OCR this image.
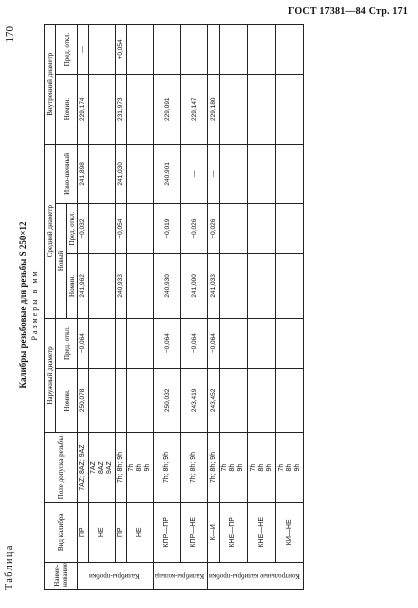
ГОСТ 17381—84 Стр. 171
Таблица
170
Калибры резьбовые для резьбы S 250×12 Размеры в мм
Наиме-нование	Вид калибра	Поле допуска резьбы	Наружный диаметр		Средний диаметр			Внутренний диаметр	
			Номин.	Пред. откл.	Новый		Изно-шенный	Номин.	Пред. откл.
					Номин.	Пред. откл.			
Калибры-пробки	ПР	7AZ; 8AZ; 9AZ	250,078	−0,064	241,962	−0,032	241,898	229,174	—
	НЕ	7AZ
8AZ
9AZ							
	ПР	7h; 8h; 9h			240,933	−0,054	241,030	231,973	+0,054
	НЕ	7h
8h
9h							
Калибры-кольца	КПР—ПР	7h; 8h; 9h	250,032	−0,064	240,930	−0,019	240,901	229,091	
	КПР—НЕ	7h; 8h; 9h	243,419	−0,064	241,000	−0,026	—	229,147	
Контрольные калибры-пробки	К—И	7h; 8h; 9h	243,452	−0,064	241,033	−0,026	—	229,180	
	КНЕ—ПР	7h
8h
9h							
	КНЕ—НЕ	7h
8h
9h							
	КИ—НЕ	7h
8h
9h							
